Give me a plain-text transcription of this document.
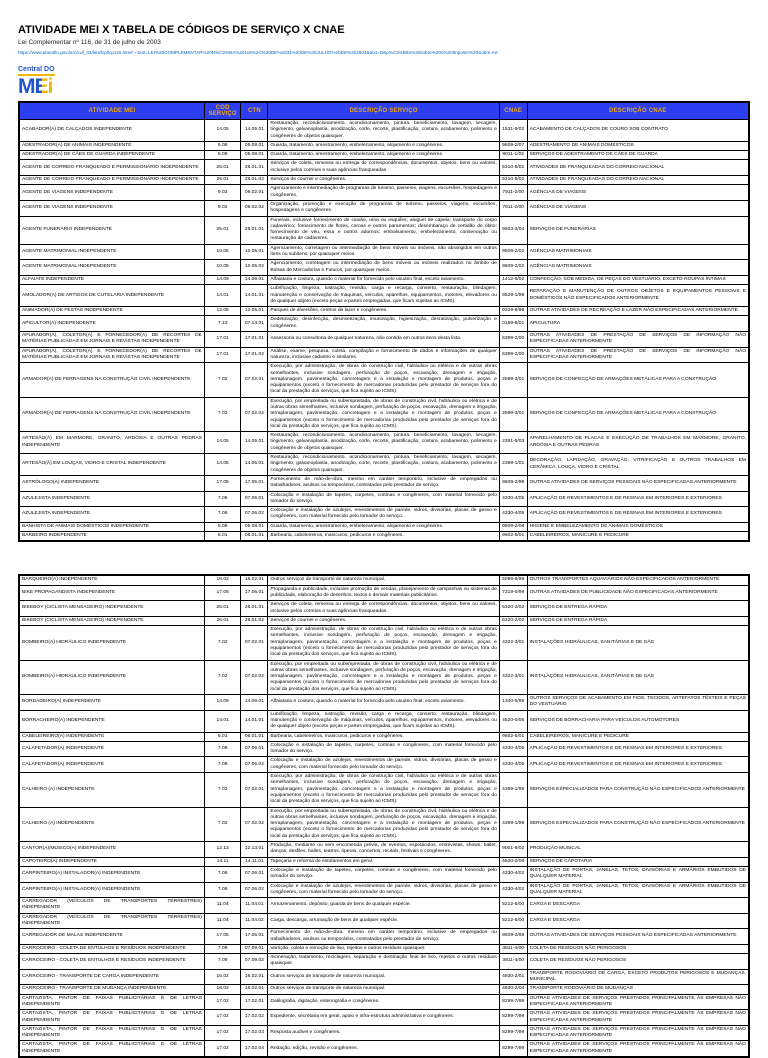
ATIVIDADE MEI X TABELA DE CÓDIGOS DE SERVIÇO X CNAE

Lei Complementar nº 116, de 31 de julho de 2003

https://www.planalto.gov.br/ccivil_03/leis/lcp/lcp116.htm#:~:text=LEI%20COMPLEMENTAR%20N%C2%BA%20116%2C%20DE%2031%20DE%20JULHO%20DE%202003&text=Disp%C3%B5e%20sobre%20o%20Imposto%20Sobre,Art.
Central DO
MEi
ATIVIDADE MEI	COD SERVIÇO	CTN	DESCRIÇÃO SERVIÇO	CNAE	DESCRIÇÃO CNAE
ACABADOR(A) DE CALÇADOS INDEPENDENTE	14.05	14.05.01	Restauração, recondicionamento, acondicionamento, pintura, beneficiamento, lavagem, secagem, tingimento, galvanoplastia, anodização, corte, recorte, plastificação, costura, acabamento, polimento e congêneres de objetos quaisquer.	1531-9/02	ACABAMENTO DE CALÇADOS DE COURO SOB CONTRATO
ADESTRADOR(A) DE ANIMAIS INDEPENDENTE	5.08	05.08.01	Guarda, tratamento, amestramento, embelezamento, alojamento e congêneres.	9609-2/07	ADESTRAMENTO DE ANIMAIS DOMÉSTICOS
ADESTRADOR(A) DE CÃES DE GUARDA INDEPENDENTE	5.08	05.08.01	Guarda, tratamento, amestramento, embelezamento, alojamento e congêneres.	8011-1/02	SERVIÇOS DE ADESTRAMENTO DE CÃES DE GUARDA
AGENTE DE CORREIO FRANQUEADO E PERMISSIONÁRIO INDEPENDENTE	26.01	26.01.01	Serviços de coleta, remessa ou entrega de correspondências, documentos, objetos, bens ou valores, inclusive pelos correios e suas agências franqueadas.	5310-5/02	ATIVIDADES DE FRANQUEADAS DO CORREIO NACIONAL
AGENTE DE CORREIO FRANQUEADO E PERMISSIONÁRIO INDEPENDENTE	26.01	26.01.02	Serviços de courrier e congêneres.	5310-5/02	ATIVIDADES DE FRANQUEADAS DO CORREIO NACIONAL
AGENTE DE VIAGENS INDEPENDENTE	9.02	09.02.01	Agenciamento e intermediação de programas de turismo, passeios, viagens, excursões, hospedagens e congêneres.	7911-2/00	AGÊNCIAS DE VIAGENS
AGENTE DE VIAGENS INDEPENDENTE	9.02	09.02.02	Organização, promoção e execução de programas de turismo, passeios, viagens, excursões, hospedagens e congêneres.	7911-2/00	AGÊNCIAS DE VIAGENS
AGENTE FUNERÁRIO INDEPENDENTE	25.01	25.01.01	Funerais, inclusive fornecimento de caixão, urna ou esquifes; aluguel de capela; transporte do corpo cadavérico; fornecimento de flores, coroas e outros paramentos; desembaraço de certidão de óbito; fornecimento de véu, essa e outros adornos; embalsamento, embelezamento, conservação ou restauração de cadáveres.	9603-3/04	SERVIÇOS DE FUNERÁRIAS
AGENTE MATRIMONIAL INDEPENDENTE	10.05	10.05.01	Agenciamento, corretagem ou intermediação de bens móveis ou imóveis, não abrangidos em outros itens ou subitens, por quaisquer meios.	9609-2/02	AGÊNCIAS MATRIMONIAIS
AGENTE MATRIMONIAL INDEPENDENTE	10.05	10.05.02	Agenciamento, corretagem ou intermediação de bens móveis ou imóveis realizados no âmbito de Bolsas de Mercadorias e Futuros, por quaisquer meios.	9609-2/02	AGÊNCIAS MATRIMONIAIS
ALFAIATE INDEPENDENTE	14.09	14.09.01	Alfaiataria e costura, quando o material for fornecido pelo usuário final, exceto aviamento.	1412-6/02	CONFECÇÃO, SOB MEDIDA, DE PEÇAS DO VESTUÁRIO, EXCETO ROUPAS ÍNTIMAS
AMOLADOR(A) DE ARTIGOS DE CUTELARIA INDEPENDENTE	14.01	14.01.01	Lubrificação, limpeza, lustração, revisão, carga e recarga, conserto, restauração, blindagem, manutenção e conservação de máquinas, veículos, aparelhos, equipamentos, motores, elevadores ou de qualquer objeto (exceto peças e partes empregadas, que ficam sujeitas ao ICMS).	9529-1/99	REPARAÇÃO E MANUTENÇÃO DE OUTROS OBJETOS E EQUIPAMENTOS PESSOAIS E DOMÉSTICOS NÃO ESPECIFICADOS ANTERIORMENTE
ANIMADOR(A) DE FESTAS INDEPENDENTE	12.05	12.05.01	Parques de diversões, centros de lazer e congêneres.	9329-8/99	OUTRAS ATIVIDADES DE RECREAÇÃO E LAZER NÃO ESPECIFICADAS ANTERIORMENTE
APICULTOR(A) INDEPENDENTE	7.13	07.13.01	Dedetização, desinfecção, desinsetização, imunização, higienização, desratização, pulverização e congêneres.	0159-8/01	APICULTURA
APURADOR(A), COLETOR(A) E FORNECEDOR(A) DE RECORTES DE MATÉRIAS PUBLICADAS EM JORNAIS E REVISTAS INDEPENDENTE	17.01	17.01.01	Assessoria ou consultoria de qualquer natureza, não contida em outros itens desta lista.	6399-2/00	OUTRAS ATIVIDADES DE PRESTAÇÃO DE SERVIÇOS DE INFORMAÇÃO NÃO ESPECIFICADAS ANTERIORMENTE
APURADOR(A), COLETOR(A) E FORNECEDOR(A) DE RECORTES DE MATÉRIAS PUBLICADAS EM JORNAIS E REVISTAS INDEPENDENTE	17.01	17.01.02	Análise, exame, pesquisa, coleta, compilação e fornecimento de dados e informações de qualquer natureza, inclusive cadastro e similares.	6399-2/00	OUTRAS ATIVIDADES DE PRESTAÇÃO DE SERVIÇOS DE INFORMAÇÃO NÃO ESPECIFICADAS ANTERIORMENTE
ARMADOR(A) DE FERRAGENS NA CONSTRUÇÃO CIVIL INDEPENDENTE	7.02	07.02.01	Execução, por administração, de obras de construção civil, hidráulica ou elétrica e de outras obras semelhantes, inclusive sondagem, perfuração de poços, escavação, drenagem e irrigação, terraplanagem, pavimentação, concretagem e a instalação e montagem de produtos, peças e equipamentos (exceto o fornecimento de mercadorias produzidas pelo prestador de serviços fora do local da prestação dos serviços, que fica sujeito ao ICMS).	2599-3/01	SERVIÇOS DE CONFECÇÃO DE ARMAÇÕES METÁLICAS PARA A CONSTRUÇÃO
ARMADOR(A) DE FERRAGENS NA CONSTRUÇÃO CIVIL INDEPENDENTE	7.02	07.02.02	Execução, por empreitada ou subempreitada, de obras de construção civil, hidráulica ou elétrica e de outras obras semelhantes, inclusive sondagem, perfuração de poços, escavação, drenagem e irrigação, terraplanagem, pavimentação, concretagem e a instalação e montagem de produtos, peças e equipamentos (exceto o fornecimento de mercadorias produzidas pelo prestador de serviços fora do local da prestação dos serviços, que fica sujeito ao ICMS).	2599-3/01	SERVIÇOS DE CONFECÇÃO DE ARMAÇÕES METÁLICAS PARA A CONSTRUÇÃO
ARTESÃO(Ã) EM MÁRMORE, GRANITO, ARDÓSIA E OUTRAS PEDRAS INDEPENDENTE	14.05	14.05.01	Restauração, recondicionamento, acondicionamento, pintura, beneficiamento, lavagem, secagem, tingimento, galvanoplastia, anodização, corte, recorte, plastificação, costura, acabamento, polimento e congêneres de objetos quaisquer.	2391-5/03	APARELHAMENTO DE PLACAS E EXECUÇÃO DE TRABALHOS EM MÁRMORE, GRANITO, ARDÓSIA E OUTRAS PEDRAS
ARTESÃO(Ã) EM LOUÇAS, VIDRO E CRISTAL INDEPENDENTE	14.05	14.05.01	Restauração, recondicionamento, acondicionamento, pintura, beneficiamento, lavagem, secagem, tingimento, galvanoplastia, anodização, corte, recorte, plastificação, costura, acabamento, polimento e congêneres de objetos quaisquer.	2399-1/01	DECORAÇÃO, LAPIDAÇÃO, GRAVAÇÃO, VITRIFICAÇÃO E OUTROS TRABALHOS EM CERÂMICA, LOUÇA, VIDRO E CRISTAL
ASTRÓLOGO(A) INDEPENDENTE	17.05	17.05.01	Fornecimento de mão-de-obra, mesmo em caráter temporário, inclusive de empregados ou trabalhadores, avulsos ou temporários, contratados pelo prestador de serviço.	9609-2/99	OUTRAS ATIVIDADES DE SERVIÇOS PESSOAIS NÃO ESPECIFICADAS ANTERIORMENTE
AZULEJISTA INDEPENDENTE	7.06	07.06.01	Colocação e instalação de tapetes, carpetes, cortinas e congêneres, com material fornecido pelo tomador do serviço.	4330-4/05	APLICAÇÃO DE REVESTIMENTOS E DE RESINAS EM INTERIORES E EXTERIORES
AZULEJISTA INDEPENDENTE	7.06	07.06.02	Colocação e instalação de azulejos, revestimentos de parede, vidros, divisórias, placas de gesso e congêneres, com material fornecido pelo tomador do serviço.	4330-4/05	APLICAÇÃO DE REVESTIMENTOS E DE RESINAS EM INTERIORES E EXTERIORES
BANHISTA DE ANIMAIS DOMÉSTICOS INDEPENDENTE	5.08	05.08.01	Guarda, tratamento, amestramento, embelezamento, alojamento e congêneres.	9609-2/08	HIGIENE E EMBELEZAMENTO DE ANIMAIS DOMÉSTICOS
BARBEIRO INDEPENDENTE	6.01	06.01.01	Barbearia, cabeleireiros, manicuros, pedicuros e congêneres.	9602-5/01	CABELEIREIROS, MANICURE E PEDICURE
BARQUEIRO(A) INDEPENDENTE	16.02	16.02.01	Outros serviços de transporte de natureza municipal.	5099-8/99	OUTROS TRANSPORTES AQUAVIÁRIOS NÃO ESPECIFICADOS ANTERIORMENTE
BIKE PROPAGANDISTA INDEPENDENTE	17.06	17.06.01	Propaganda e publicidade, inclusive promoção de vendas, planejamento de campanhas ou sistemas de publicidade, elaboração de desenhos, textos e demais materiais publicitários.	7319-0/99	OUTRAS ATIVIDADES DE PUBLICIDADE NÃO ESPECIFICADAS ANTERIORMENTE
BIKEBOY (CICLISTA MENSAGEIRO) INDEPENDENTE	26.01	26.01.01	Serviços de coleta, remessa ou entrega de correspondências, documentos, objetos, bens ou valores, inclusive pelos correios e suas agências franqueadas.	5320-2/02	SERVIÇOS DE ENTREGA RÁPIDA
BIKEBOY (CICLISTA MENSAGEIRO) INDEPENDENTE	26.01	26.01.02	Serviços de courrier e congêneres.	5320-2/02	SERVIÇOS DE ENTREGA RÁPIDA
BOMBEIRO(A) HIDRÁULICO INDEPENDENTE	7.02	07.02.01	Execução, por administração, de obras de construção civil, hidráulica ou elétrica e de outras obras semelhantes, inclusive sondagem, perfuração de poços, escavação, drenagem e irrigação, terraplanagem, pavimentação, concretagem e a instalação e montagem de produtos, peças e equipamentos (exceto o fornecimento de mercadorias produzidas pelo prestador de serviços fora do local da prestação dos serviços, que fica sujeito ao ICMS).	4322-3/01	INSTALAÇÕES HIDRÁULICAS, SANITÁRIAS E DE GÁS
BOMBEIRO(A) HIDRÁULICO INDEPENDENTE	7.02	07.02.02	Execução, por empreitada ou subempreitada, de obras de construção civil, hidráulica ou elétrica e de outras obras semelhantes, inclusive sondagem, perfuração de poços, escavação, drenagem e irrigação, terraplanagem, pavimentação, concretagem e a instalação e montagem de produtos, peças e equipamentos (exceto o fornecimento de mercadorias produzidas pelo prestador de serviços fora do local da prestação dos serviços, que fica sujeito ao ICMS).	4322-3/01	INSTALAÇÕES HIDRÁULICAS, SANITÁRIAS E DE GÁS
BORDADEIRO(A) INDEPENDENTE	14.09	14.09.01	Alfaiataria e costura, quando o material for fornecido pelo usuário final, exceto aviamento.	1340-5/99	OUTROS SERVIÇOS DE ACABAMENTO EM FIOS, TECIDOS, ARTEFATOS TÊXTEIS E PEÇAS DO VESTUÁRIO
BORRACHEIRO(A) INDEPENDENTE	14.01	14.01.01	Lubrificação, limpeza, lustração, revisão, carga e recarga, conserto, restauração, blindagem, manutenção e conservação de máquinas, veículos, aparelhos, equipamentos, motores, elevadores ou de qualquer objeto (exceto peças e partes empregadas, que ficam sujeitas ao ICMS).	4520-0/06	SERVIÇOS DE BORRACHARIA PARA VEÍCULOS AUTOMOTORES
CABELEIREIRO(A) INDEPENDENTE	6.01	06.01.01	Barbearia, cabeleireiros, manicuros, pedicuros e congêneres.	9602-5/01	CABELEIREIROS, MANICURE E PEDICURE
CALAFETADOR(A) INDEPENDENTE	7.06	07.06.01	Colocação e instalação de tapetes, carpetes, cortinas e congêneres, com material fornecido pelo tomador do serviço.	4330-4/05	APLICAÇÃO DE REVESTIMENTOS E DE RESINAS EM INTERIORES E EXTERIORES
CALAFETADOR(A) INDEPENDENTE	7.06	07.06.02	Colocação e instalação de azulejos, revestimentos de parede, vidros, divisórias, placas de gesso e congêneres, com material fornecido pelo tomador do serviço.	4330-4/05	APLICAÇÃO DE REVESTIMENTOS E DE RESINAS EM INTERIORES E EXTERIORES
CALHEIRO (A) INDEPENDENTE	7.02	07.02.01	Execução, por administração, de obras de construção civil, hidráulica ou elétrica e de outras obras semelhantes, inclusive sondagem, perfuração de poços, escavação, drenagem e irrigação, terraplanagem, pavimentação, concretagem e a instalação e montagem de produtos, peças e equipamentos (exceto o fornecimento de mercadorias produzidas pelo prestador de serviços fora do local da prestação dos serviços, que fica sujeito ao ICMS).	4399-1/99	SERVIÇOS ESPECIALIZADOS PARA CONSTRUÇÃO NÃO ESPECIFICADOS ANTERIORMENTE
CALHEIRO (A) INDEPENDENTE	7.02	07.02.02	Execução, por empreitada ou subempreitada, de obras de construção civil, hidráulica ou elétrica e de outras obras semelhantes, inclusive sondagem, perfuração de poços, escavação, drenagem e irrigação, terraplanagem, pavimentação, concretagem e a instalação e montagem de produtos, peças e equipamentos (exceto o fornecimento de mercadorias produzidas pelo prestador de serviços fora do local da prestação dos serviços, que fica sujeito ao ICMS).	4399-1/99	SERVIÇOS ESPECIALIZADOS PARA CONSTRUÇÃO NÃO ESPECIFICADOS ANTERIORMENTE
CANTOR(A)/MÚSICO(A) INDEPENDENTE	12.13	12.13.01	Produção, mediante ou sem encomenda prévia, de eventos, espetáculos, entrevistas, shows, ballet, danças, desfiles, bailes, teatros, óperas, concertos, recitais, festivais e congêneres.	9001-9/02	PRODUÇÃO MUSICAL
CAPOTEIRO(A) INDEPENDENTE	14.11	14.11.01	Tapeçaria e reforma de estofamentos em geral.	4520-0/08	SERVIÇOS DE CAPOTARIA
CARPINTEIRO(A) INSTALADOR(A) INDEPENDENTE	7.06	07.06.01	Colocação e instalação de tapetes, carpetes, cortinas e congêneres, com material fornecido pelo tomador do serviço.	4330-4/02	INSTALAÇÃO DE PORTAS, JANELAS, TETOS, DIVISÓRIAS E ARMÁRIOS EMBUTIDOS DE QUALQUER MATERIAL
CARPINTEIRO(A) INSTALADOR(A) INDEPENDENTE	7.06	07.06.02	Colocação e instalação de azulejos, revestimentos de parede, vidros, divisórias, placas de gesso e congêneres, com material fornecido pelo tomador do serviço.	4330-4/02	INSTALAÇÃO DE PORTAS, JANELAS, TETOS, DIVISÓRIAS E ARMÁRIOS EMBUTIDOS DE QUALQUER MATERIAL
CARREGADOR (VEÍCULOS DE TRANSPORTES TERRESTRES) INDEPENDENTE	11.04	11.04.01	Armazenamento, depósito, guarda de bens de qualquer espécie.	5212-5/00	CARGA E DESCARGA
CARREGADOR (VEÍCULOS DE TRANSPORTES TERRESTRES) INDEPENDENTE	11.04	11.04.02	Carga, descarga, arrumação de bens de qualquer espécie.	5212-5/00	CARGA E DESCARGA
CARREGADOR DE MALAS INDEPENDENTE	17.05	17.05.01	Fornecimento de mão-de-obra, mesmo em caráter temporário, inclusive de empregados ou trabalhadores, avulsos ou temporários, contratados pelo prestador de serviço.	9609-2/99	OUTRAS ATIVIDADES DE SERVIÇOS PESSOAIS NÃO ESPECIFICADAS ANTERIORMENTE
CARROCEIRO - COLETA DE ENTULHOS E RESÍDUOS INDEPENDENTE	7.09	07.09.01	Varrição, coleta e remoção de lixo, rejeitos e outros resíduos quaisquer.	3811-4/00	COLETA DE RESÍDUOS NÃO PERIGOSOS
CARROCEIRO - COLETA DE ENTULHOS E RESÍDUOS INDEPENDENTE	7.09	07.09.02	Incineração, tratamento, reciclagem, separação e destinação final de lixo, rejeitos e outros resíduos quaisquer.	3811-4/00	COLETA DE RESÍDUOS NÃO PERIGOSOS
CARROCEIRO - TRANSPORTE DE CARGA INDEPENDENTE	16.02	16.02.01	Outros serviços de transporte de natureza municipal.	4930-2/01	TRANSPORTE RODOVIÁRIO DE CARGA, EXCETO PRODUTOS PERIGOSOS E MUDANÇAS, MUNICIPAL
CARROCEIRO - TRANSPORTE DE MUDANÇA INDEPENDENTE	16.02	16.02.01	Outros serviços de transporte de natureza municipal.	4930-2/04	TRANSPORTE RODOVIÁRIO DE MUDANÇAS
CARTAZISTA, PINTOR DE FAIXAS PUBLICITÁRIAS E DE LETRAS INDEPENDENTE	17.02	17.02.01	Datilografia, digitação, estenografia e congêneres.	8299-7/99	OUTRAS ATIVIDADES DE SERVIÇOS PRESTADOS PRINCIPALMENTE ÀS EMPRESAS NÃO ESPECIFICADAS ANTERIORMENTE
CARTAZISTA, PINTOR DE FAIXAS PUBLICITÁRIAS E DE LETRAS INDEPENDENTE	17.02	17.02.02	Expediente, secretaria em geral, apoio e infra-estrutura administrativa e congêneres.	8299-7/99	OUTRAS ATIVIDADES DE SERVIÇOS PRESTADOS PRINCIPALMENTE ÀS EMPRESAS NÃO ESPECIFICADAS ANTERIORMENTE
CARTAZISTA, PINTOR DE FAIXAS PUBLICITÁRIAS E DE LETRAS INDEPENDENTE	17.02	17.02.03	Resposta audível e congêneres.	8299-7/99	OUTRAS ATIVIDADES DE SERVIÇOS PRESTADOS PRINCIPALMENTE ÀS EMPRESAS NÃO ESPECIFICADAS ANTERIORMENTE
CARTAZISTA, PINTOR DE FAIXAS PUBLICITÁRIAS E DE LETRAS INDEPENDENTE	17.02	17.02.04	Redação, edição, revisão e congêneres.	8299-7/99	OUTRAS ATIVIDADES DE SERVIÇOS PRESTADOS PRINCIPALMENTE ÀS EMPRESAS NÃO ESPECIFICADAS ANTERIORMENTE
